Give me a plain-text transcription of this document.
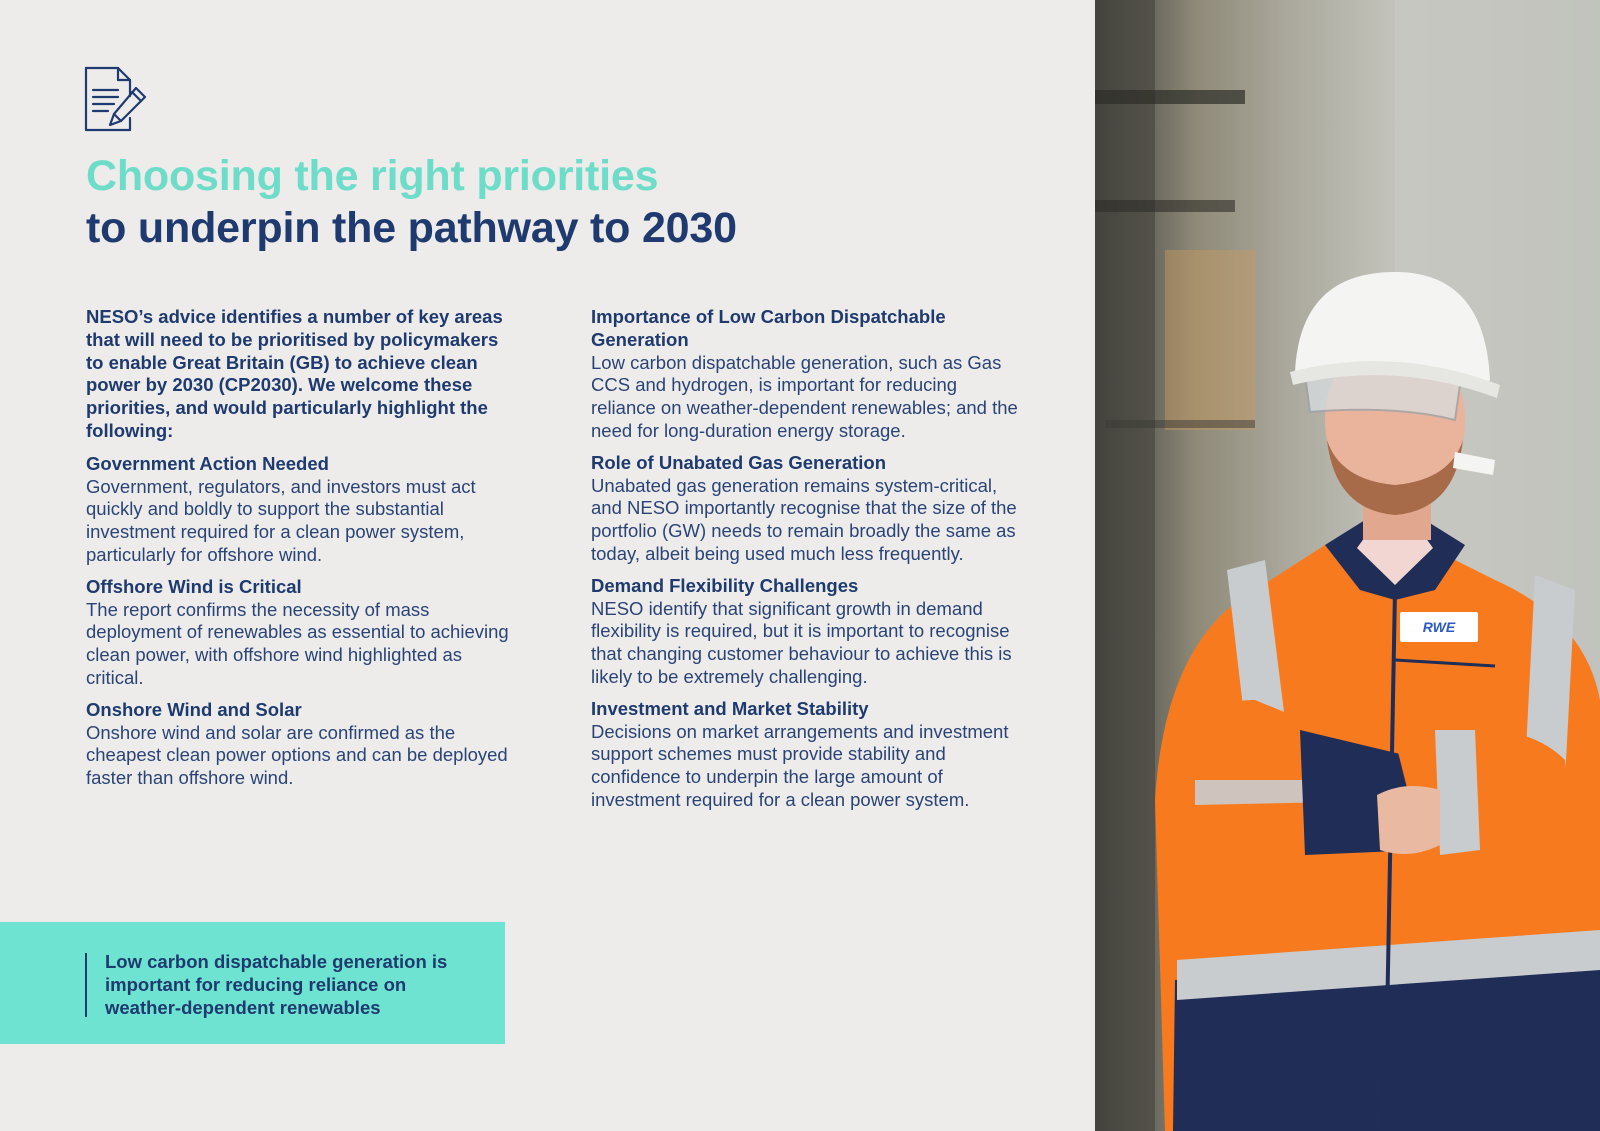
Choosing the right priorities
to underpin the pathway to 2030

NESO’s advice identifies a number of key areas that will need to be prioritised by policymakers to enable Great Britain (GB) to achieve clean power by 2030 (CP2030). We welcome these priorities, and would particularly highlight the following:

Government Action Needed

Government, regulators, and investors must act quickly and boldly to support the substantial investment required for a clean power system, particularly for offshore wind.

Offshore Wind is Critical

The report confirms the necessity of mass deployment of renewables as essential to achieving clean power, with offshore wind highlighted as critical.

Onshore Wind and Solar

Onshore wind and solar are confirmed as the cheapest clean power options and can be deployed faster than offshore wind.

Importance of Low Carbon Dispatchable Generation

Low carbon dispatchable generation, such as Gas CCS and hydrogen, is important for reducing reliance on weather-dependent renewables; and the need for long-duration energy storage.

Role of Unabated Gas Generation

Unabated gas generation remains system-critical, and NESO importantly recognise that the size of the portfolio (GW) needs to remain broadly the same as today, albeit being used much less frequently.

Demand Flexibility Challenges

NESO identify that significant growth in demand flexibility is required, but it is important to recognise that changing customer behaviour to achieve this is likely to be extremely challenging.

Investment and Market Stability

Decisions on market arrangements and investment support schemes must provide stability and confidence to underpin the large amount of investment required for a clean power system.

Low carbon dispatchable generation is important for reducing reliance on weather-dependent renewables
RWE
